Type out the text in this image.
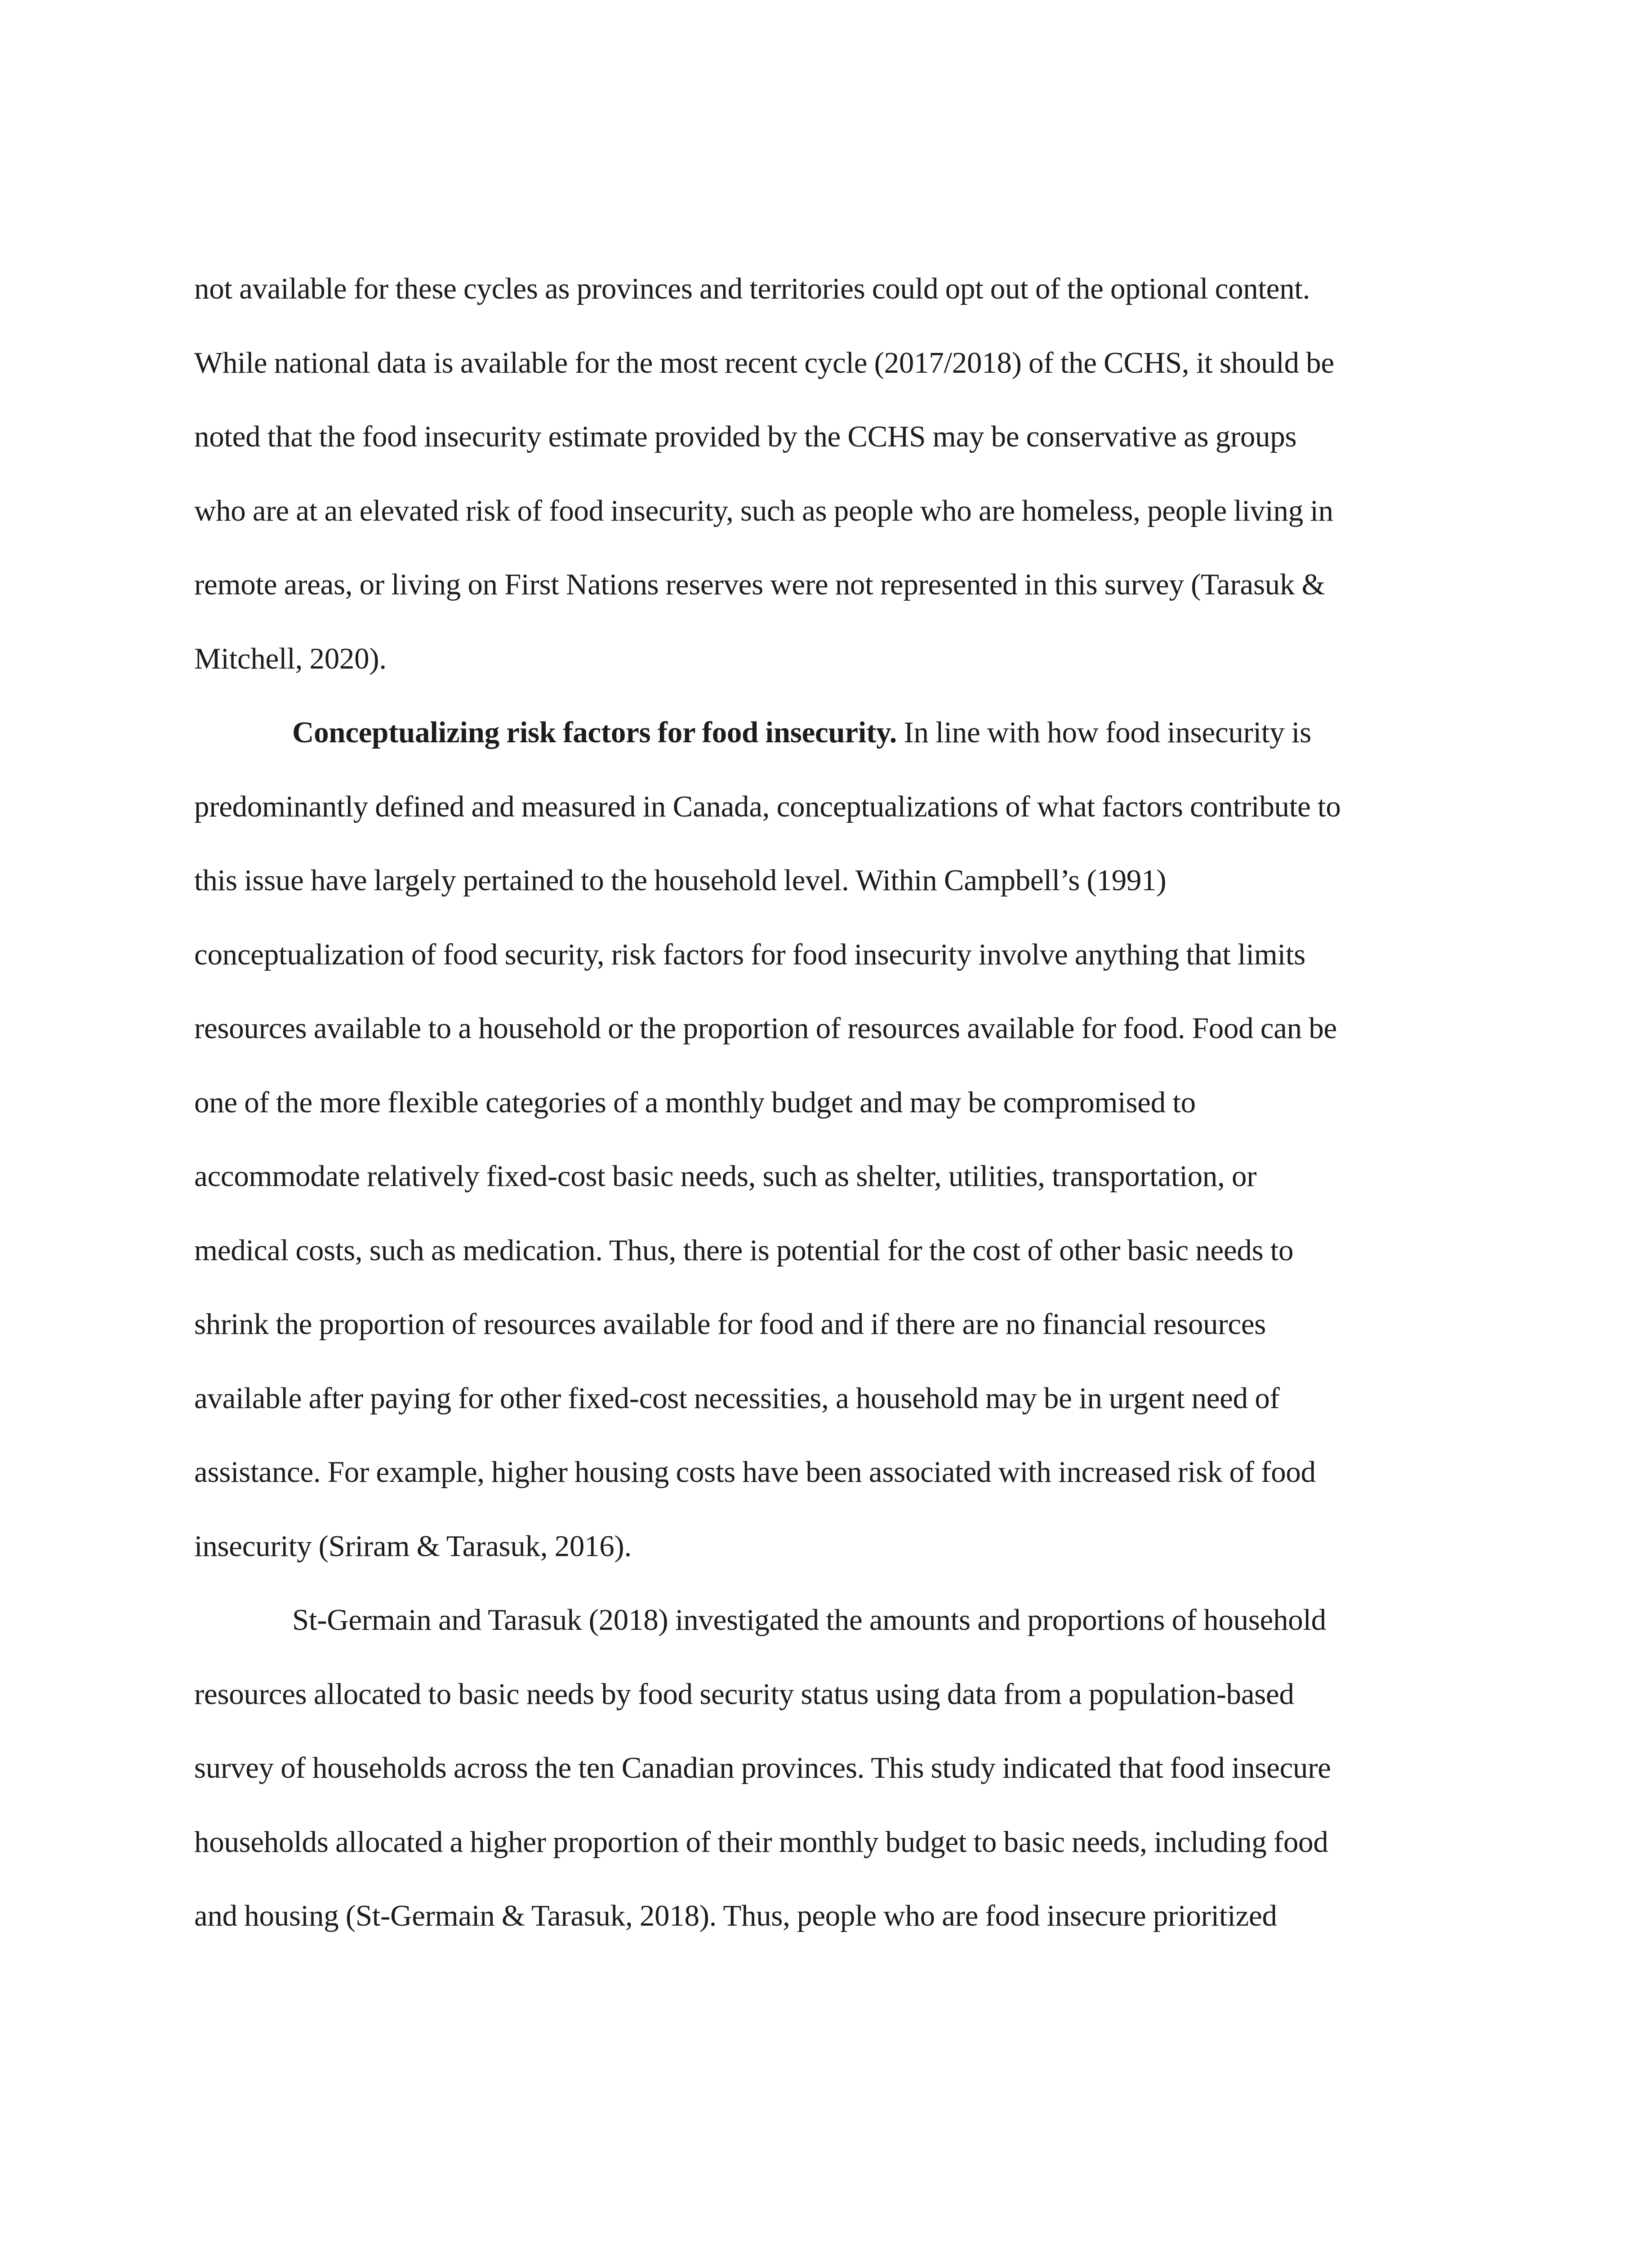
not available for these cycles as provinces and territories could opt out of the optional content.
While national data is available for the most recent cycle (2017/2018) of the CCHS, it should be
noted that the food insecurity estimate provided by the CCHS may be conservative as groups
who are at an elevated risk of food insecurity, such as people who are homeless, people living in
remote areas, or living on First Nations reserves were not represented in this survey (Tarasuk &
Mitchell, 2020).

Conceptualizing risk factors for food insecurity. In line with how food insecurity is
predominantly defined and measured in Canada, conceptualizations of what factors contribute to
this issue have largely pertained to the household level. Within Campbell’s (1991)
conceptualization of food security, risk factors for food insecurity involve anything that limits
resources available to a household or the proportion of resources available for food. Food can be
one of the more flexible categories of a monthly budget and may be compromised to
accommodate relatively fixed-cost basic needs, such as shelter, utilities, transportation, or
medical costs, such as medication. Thus, there is potential for the cost of other basic needs to
shrink the proportion of resources available for food and if there are no financial resources
available after paying for other fixed-cost necessities, a household may be in urgent need of
assistance. For example, higher housing costs have been associated with increased risk of food
insecurity (Sriram & Tarasuk, 2016).

St-Germain and Tarasuk (2018) investigated the amounts and proportions of household
resources allocated to basic needs by food security status using data from a population-based
survey of households across the ten Canadian provinces. This study indicated that food insecure
households allocated a higher proportion of their monthly budget to basic needs, including food
and housing (St-Germain & Tarasuk, 2018). Thus, people who are food insecure prioritized
